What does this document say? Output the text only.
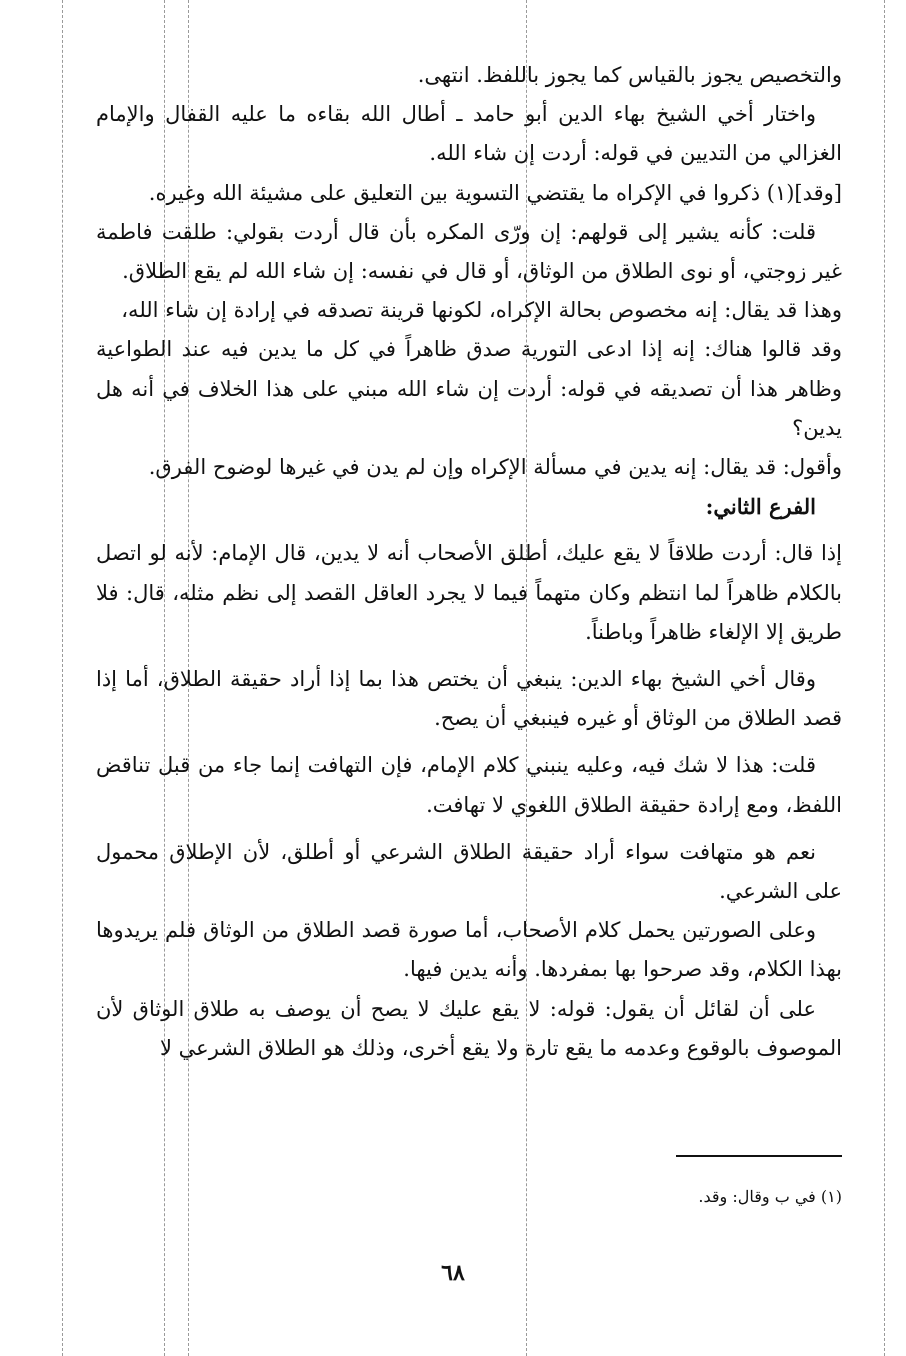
والتخصيص يجوز بالقياس كما يجوز باللفظ. انتهى.

واختار أخي الشيخ بهاء الدين أبو حامد ـ أطال الله بقاءه ما عليه القفال والإمام الغزالي من التديين في قوله: أردت إن شاء الله.

[وقد](١) ذكروا في الإكراه ما يقتضي التسوية بين التعليق على مشيئة الله وغيره.

قلت: كأنه يشير إلى قولهم: إن ورّى المكره بأن قال أردت بقولي: طلقت فاطمة غير زوجتي، أو نوى الطلاق من الوثاق، أو قال في نفسه: إن شاء الله لم يقع الطلاق.

وهذا قد يقال: إنه مخصوص بحالة الإكراه، لكونها قرينة تصدقه في إرادة إن شاء الله،

وقد قالوا هناك: إنه إذا ادعى التورية صدق ظاهراً في كل ما يدين فيه عند الطواعية وظاهر هذا أن تصديقه في قوله: أردت إن شاء الله مبني على هذا الخلاف في أنه هل يدين؟

وأقول: قد يقال: إنه يدين في مسألة الإكراه وإن لم يدن في غيرها لوضوح الفرق.

الفرع الثاني:

إذا قال: أردت طلاقاً لا يقع عليك، أطلق الأصحاب أنه لا يدين، قال الإمام: لأنه لو اتصل بالكلام ظاهراً لما انتظم وكان متهماً فيما لا يجرد العاقل القصد إلى نظم مثله، قال: فلا طريق إلا الإلغاء ظاهراً وباطناً.

وقال أخي الشيخ بهاء الدين: ينبغي أن يختص هذا بما إذا أراد حقيقة الطلاق، أما إذا قصد الطلاق من الوثاق أو غيره فينبغي أن يصح.

قلت: هذا لا شك فيه، وعليه ينبني كلام الإمام، فإن التهافت إنما جاء من قبل تناقض اللفظ، ومع إرادة حقيقة الطلاق اللغوي لا تهافت.

نعم هو متهافت سواء أراد حقيقة الطلاق الشرعي أو أطلق، لأن الإطلاق محمول على الشرعي.

وعلى الصورتين يحمل كلام الأصحاب، أما صورة قصد الطلاق من الوثاق فلم يريدوها بهذا الكلام، وقد صرحوا بها بمفردها. وأنه يدين فيها.

على أن لقائل أن يقول: قوله: لا يقع عليك لا يصح أن يوصف به طلاق الوثاق لأن الموصوف بالوقوع وعدمه ما يقع تارة ولا يقع أخرى، وذلك هو الطلاق الشرعي لا

(١) في ب وقال: وقد.
٦٨
